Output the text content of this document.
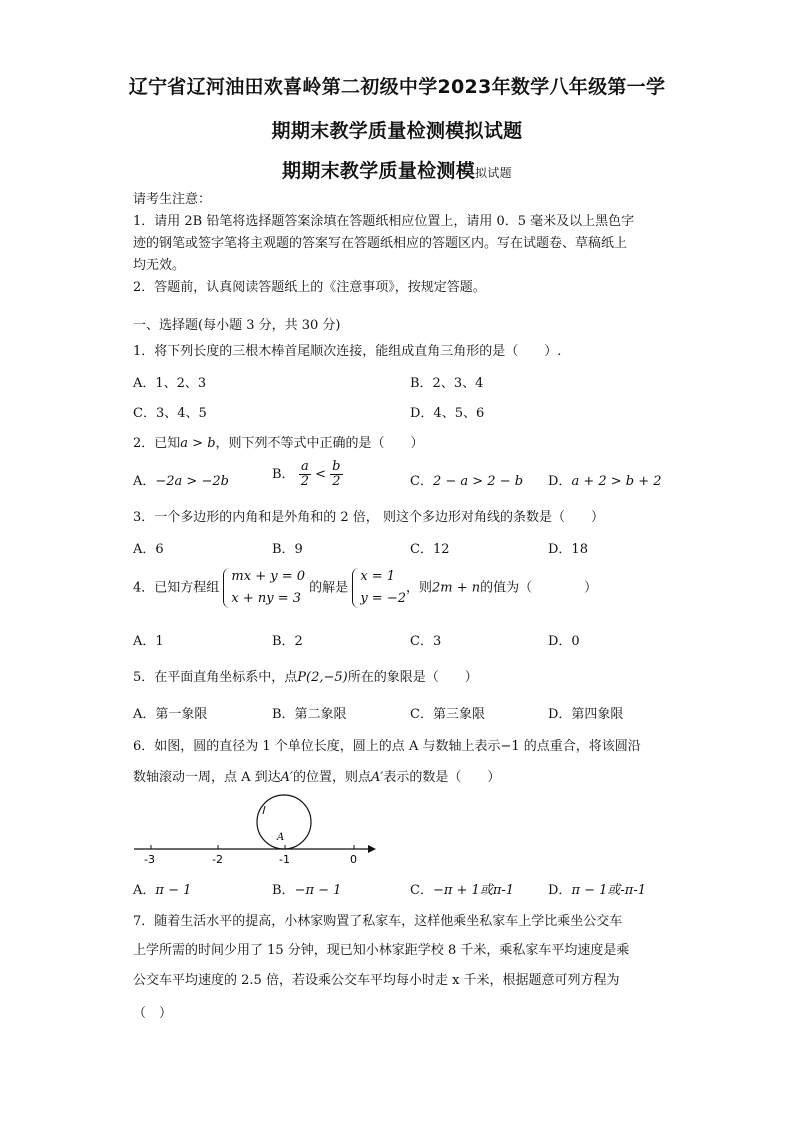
辽宁省辽河油田欢喜岭第二初级中学2023年数学八年级第一学
期期末教学质量检测模拟试题
期期末教学质量检测模拟试题
请考生注意：
1．请用 2B 铅笔将选择题答案涂填在答题纸相应位置上，请用 0．5 毫米及以上黑色字
迹的钢笔或签字笔将主观题的答案写在答题纸相应的答题区内。写在试题卷、草稿纸上
均无效。
2．答题前，认真阅读答题纸上的《注意事项》，按规定答题。
一、选择题(每小题 3 分，共 30 分)
1．将下列长度的三根木棒首尾顺次连接，能组成直角三角形的是（　　）.
A．1、2、3	B．2、3、4
C．3、4、5	D．4、5、6
2．已知a > b，则下列不等式中正确的是（　　）
A．−2a > −2b	B． $\frac{a}{2} < \frac{b}{2}$	C．2 − a > 2 − b D．a + 2 > b + 2
3．一个多边形的内角和是外角和的 2 倍， 则这个多边形对角线的条数是（　　）
A．6	B．9	C．12	D．18
4．已知方程组
mx + y = 0
x + ny = 3
的解是
x = 1
y = −2
，则2m + n的值为（　　　　）
A．1	B．2	C．3	D．0
5．在平面直角坐标系中，点P(2,−5)所在的象限是（　　）
A．第一象限	B．第二象限	C．第三象限	D．第四象限
6．如图，圆的直径为 1 个单位长度，圆上的点 A 与数轴上表示−1 的点重合，将该圆沿
数轴滚动一周，点 A 到达A′的位置，则点A′表示的数是（　　）
A
-3	-2	-1	0
A．π − 1	B．−π − 1	C．−π + 1或π-1	D．π − 1或-π-1
7．随着生活水平的提高，小林家购置了私家车，这样他乘坐私家车上学比乘坐公交车
上学所需的时间少用了 15 分钟，现已知小林家距学校 8 千米，乘私家车平均速度是乘
公交车平均速度的 2.5 倍，若设乘公交车平均每小时走 x 千米，根据题意可列方程为
（　）
